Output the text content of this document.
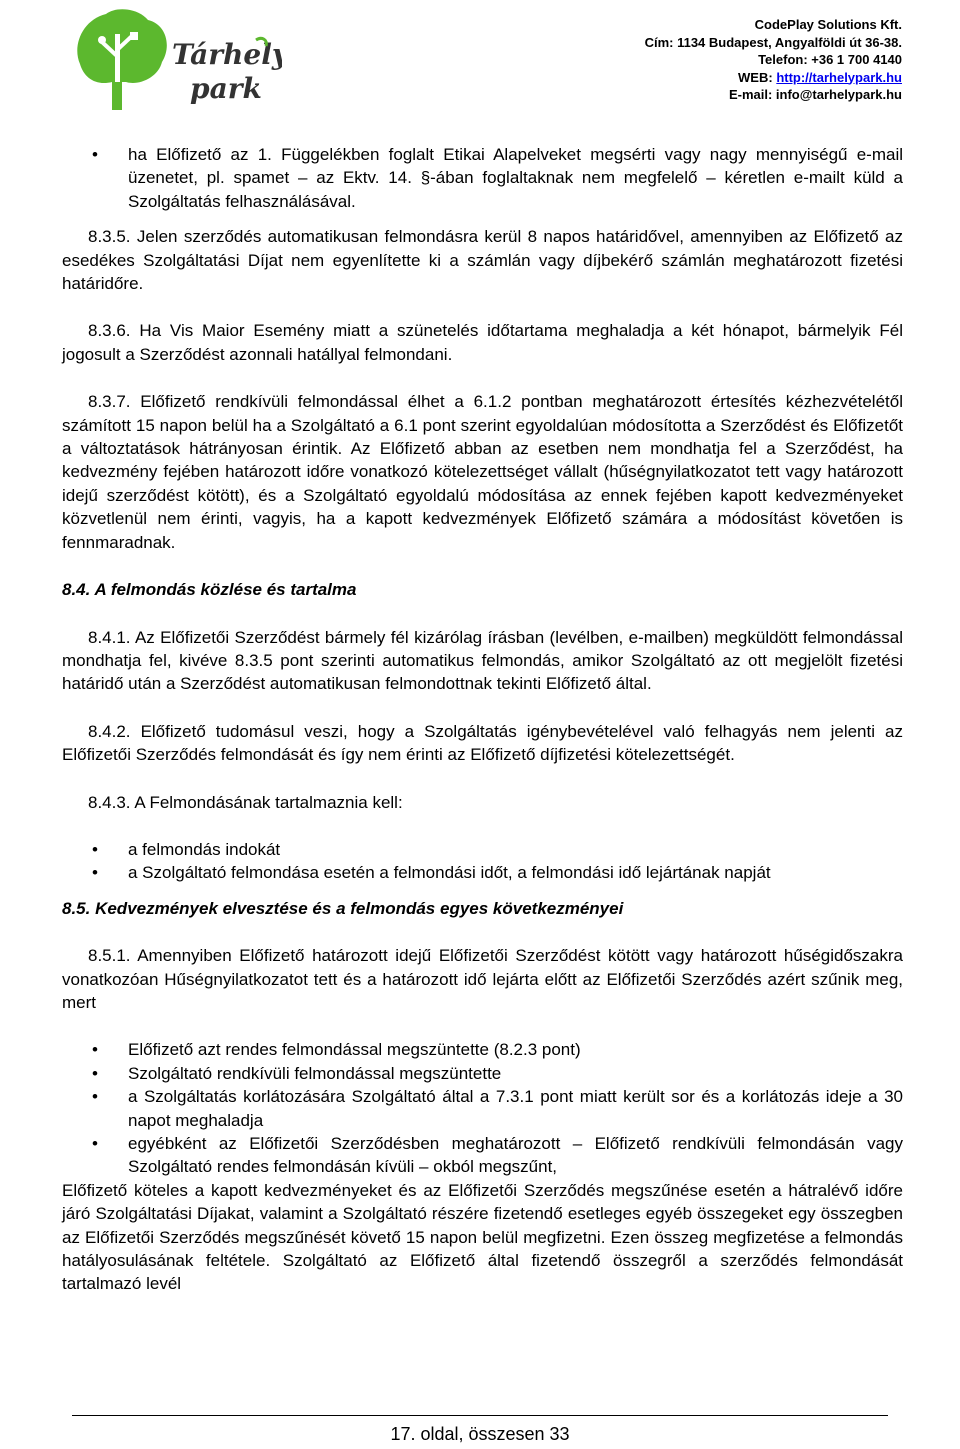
Tárhely
park
CodePlay Solutions Kft.
Cím: 1134 Budapest, Angyalföldi út 36-38.
Telefon: +36 1 700 4140
WEB: http://tarhelypark.hu
E-mail: info@tarhelypark.hu
• ha Előfizető az 1. Függelékben foglalt Etikai Alapelveket megsérti vagy nagy mennyiségű e-mail üzenetet, pl. spamet – az Ektv. 14. §-ában foglaltaknak nem megfelelő – kéretlen e-mailt küld a Szolgáltatás felhasználásával.

8.3.5. Jelen szerződés automatikusan felmondásra kerül 8 napos határidővel, amennyiben az Előfizető az esedékes Szolgáltatási Díjat nem egyenlítette ki a számlán vagy díjbekérő számlán meghatározott fizetési határidőre.

8.3.6. Ha Vis Maior Esemény miatt a szünetelés időtartama meghaladja a két hónapot, bármelyik Fél jogosult a Szerződést azonnali hatállyal felmondani.

8.3.7. Előfizető rendkívüli felmondással élhet a 6.1.2 pontban meghatározott értesítés kézhezvételétől számított 15 napon belül ha a Szolgáltató a 6.1 pont szerint egyoldalúan módosította a Szerződést és Előfizetőt a változtatások hátrányosan érintik. Az Előfizető abban az esetben nem mondhatja fel a Szerződést, ha kedvezmény fejében határozott időre vonatkozó kötelezettséget vállalt (hűségnyilatkozatot tett vagy határozott idejű szerződést kötött), és a Szolgáltató egyoldalú módosítása az ennek fejében kapott kedvezményeket közvetlenül nem érinti, vagyis, ha a kapott kedvezmények Előfizető számára a módosítást követően is fennmaradnak.

8.4. A felmondás közlése és tartalma

8.4.1. Az Előfizetői Szerződést bármely fél kizárólag írásban (levélben, e-mailben) megküldött felmondással mondhatja fel, kivéve 8.3.5 pont szerinti automatikus felmondás, amikor Szolgáltató az ott megjelölt fizetési határidő után a Szerződést automatikusan felmondottnak tekinti Előfizető által.

8.4.2. Előfizető tudomásul veszi, hogy a Szolgáltatás igénybevételével való felhagyás nem jelenti az Előfizetői Szerződés felmondását és így nem érinti az Előfizető díjfizetési kötelezettségét.

8.4.3. A Felmondásának tartalmaznia kell:

• a felmondás indokát
• a Szolgáltató felmondása esetén a felmondási időt, a felmondási idő lejártának napját

8.5. Kedvezmények elvesztése és a felmondás egyes következményei

8.5.1. Amennyiben Előfizető határozott idejű Előfizetői Szerződést kötött vagy határozott hűségidőszakra vonatkozóan Hűségnyilatkozatot tett és a határozott idő lejárta előtt az Előfizetői Szerződés azért szűnik meg, mert

• Előfizető azt rendes felmondással megszüntette (8.2.3 pont)
• Szolgáltató rendkívüli felmondással megszüntette
• a Szolgáltatás korlátozására Szolgáltató által a 7.3.1 pont miatt került sor és a korlátozás ideje a 30 napot meghaladja
• egyébként az Előfizetői Szerződésben meghatározott – Előfizető rendkívüli felmondásán vagy Szolgáltató rendes felmondásán kívüli – okból megszűnt,

Előfizető köteles a kapott kedvezményeket és az Előfizetői Szerződés megszűnése esetén a hátralévő időre járó Szolgáltatási Díjakat, valamint a Szolgáltató részére fizetendő esetleges egyéb összegeket egy összegben az Előfizetői Szerződés megszűnését követő 15 napon belül megfizetni. Ezen összeg megfizetése a felmondás hatályosulásának feltétele. Szolgáltató az Előfizető által fizetendő összegről a szerződés felmondását tartalmazó levél

17. oldal, összesen 33
